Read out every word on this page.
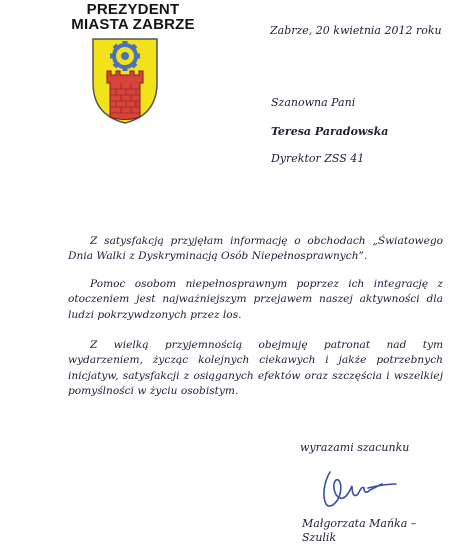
PREZYDENT
MIASTA ZABRZE	Zabrze, 20 kwietnia 2012 roku
Szanowna Pani
Teresa Paradowska
Dyrektor ZSS 41

Z satysfakcją przyjęłam informację o obchodach „Światowego Dnia Walki z Dyskryminacją Osób Niepełnosprawnych”.

Pomoc osobom niepełnosprawnym poprzez ich integrację z otoczeniem jest najważniejszym przejawem naszej aktywności dla ludzi pokrzywdzonych przez los.

Z wielką przyjemnością obejmuję patronat nad tym wydarzeniem, życząc kolejnych ciekawych i jakże potrzebnych inicjatyw, satysfakcji z osiąganych efektów oraz szczęścia i wszelkiej pomyślności w życiu osobistym.

wyrazami szacunku
Małgorzata Mańka – Szulik
